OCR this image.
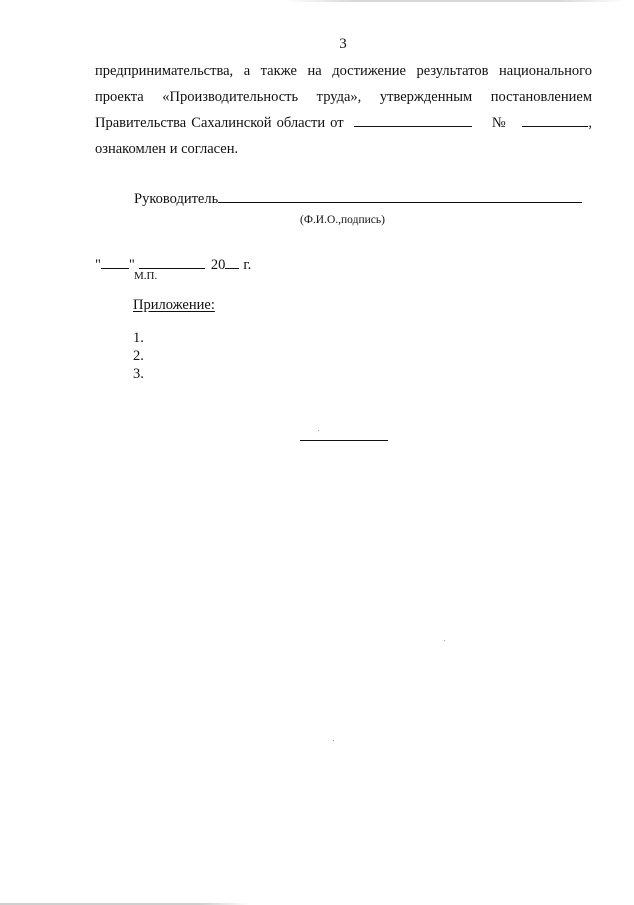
3

предпринимательства, а также на достижение результатов национального

проекта «Производительность труда», утвержденным постановлением

Правительства Сахалинской области от	№	,

ознакомлен и согласен.

Руководитель
(Ф.И.О.,подпись)
" "	20 г.
М.П.
Приложение:
1.
2.
3.
